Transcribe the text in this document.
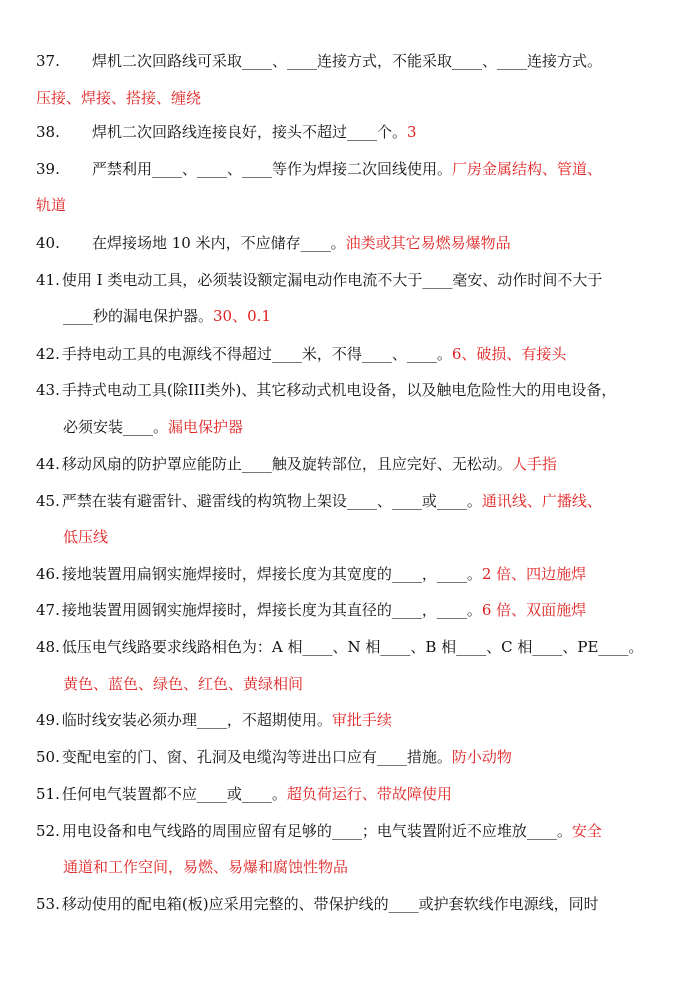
37. 焊机二次回路线可采取____、____连接方式，不能采取____、____连接方式。
压接、焊接、搭接、缠绕
38. 焊机二次回路线连接良好，接头不超过____个。3
39. 严禁利用____、____、____等作为焊接二次回线使用。厂房金属结构、管道、
轨道
40. 在焊接场地 10 米内，不应储存____。油类或其它易燃易爆物品
41. 使用 I 类电动工具，必须装设额定漏电动作电流不大于____毫安、动作时间不大于
____秒的漏电保护器。30、0.1
42. 手持电动工具的电源线不得超过____米，不得____、____。6、破损、有接头
43. 手持式电动工具(除III类外)、其它移动式机电设备，以及触电危险性大的用电设备，
必须安装____。漏电保护器
44. 移动风扇的防护罩应能防止____触及旋转部位，且应完好、无松动。人手指
45. 严禁在装有避雷针、避雷线的构筑物上架设____、____或____。通讯线、广播线、
低压线
46. 接地装置用扁钢实施焊接时，焊接长度为其宽度的____，____。2 倍、四边施焊
47. 接地装置用圆钢实施焊接时，焊接长度为其直径的____，____。6 倍、双面施焊
48. 低压电气线路要求线路相色为：A 相____、N 相____、B 相____、C 相____、PE____。
黄色、蓝色、绿色、红色、黄绿相间
49. 临时线安装必须办理____，不超期使用。审批手续
50. 变配电室的门、窗、孔洞及电缆沟等进出口应有____措施。防小动物
51. 任何电气装置都不应____或____。超负荷运行、带故障使用
52. 用电设备和电气线路的周围应留有足够的____；电气装置附近不应堆放____。安全
通道和工作空间，易燃、易爆和腐蚀性物品
53. 移动使用的配电箱(板)应采用完整的、带保护线的____或护套软线作电源线，同时
